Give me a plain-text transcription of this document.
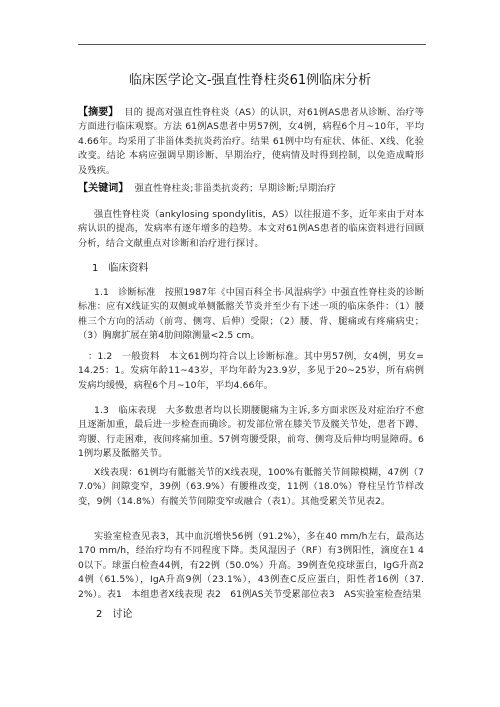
临床医学论文-强直性脊柱炎61例临床分析

【摘要】 目的 提高对强直性脊柱炎（AS）的认识，对61例AS患者从诊断、治疗等方面进行临床观察。方法 61例AS患者中男57例，女4例，病程6个月~10年，平均4.66年。均采用了非甾体类抗炎药治疗。结果 61例中均有症状、体征、X线、化验改变。结论 本病应强调早期诊断、早期治疗，使病情及时得到控制，以免造成畸形及残疾。

【关键词】 强直性脊柱炎;非甾类抗炎药；早期诊断;早期治疗

强直性脊柱炎（ankylosing spondylitis，AS）以往报道不多，近年来由于对本病认识的提高，发病率有逐年增多的趋势。本文对61例AS患者的临床资料进行回顾分析，结合文献重点对诊断和治疗进行探讨。

1　临床资料

1.1　诊断标准　按照1987年《中国百科全书·风湿病学》中强直性脊柱炎的诊断标准：应有X线证实的双侧或单侧骶髂关节炎并至少有下述一项的临床条件：（1）腰椎三个方向的活动（前弯、侧弯、后伸）受限；（2）腰、背、腿痛或有疼痛病史；（3）胸廓扩展在第4肋间隙测量<2.5 cm。

：1.2　一般资料　本文61例均符合以上诊断标准。其中男57例，女4例，男女=14.25：1。发病年龄11~43岁，平均年龄为23.9岁，多见于20~25岁，所有病例发病均缓慢，病程6个月~10年，平均4.66年。

1.3　临床表现　大多数患者均以长期腰腿痛为主诉,多方面求医及对症治疗不愈且逐渐加重，最后进一步检查而确诊。初发部位常在膝关节及髋关节处，患者下蹲、弯腰、行走困难，夜间疼痛加重。57例弯腰受限，前弯、侧弯及后伸均明显障碍。61例均累及骶髂关节。

X线表现：61例均有骶髂关节的X线表现，100%有骶髂关节间隙模糊，47例（77.0%）间隙变窄，39例（63.9%）有腰椎改变，11例（18.0%）脊柱呈竹节样改变，9例（14.8%）有髋关节间隙变窄或融合（表1）。其他受累关节见表2。

实验室检查见表3，其中血沉增快56例（91.2%），多在40 mm/h左右，最高达170 mm/h，经治疗均有不同程度下降。类风湿因子（RF）有3例阳性，滴度在1 40以下。球蛋白检查44例，有22例（50.0%）升高。39例查免疫球蛋白，IgG升高24例（61.5%），IgA升高9例（23.1%），43例查C反应蛋白，阳性者16例（37.2%）。表1　本组患者X线表现 表2　61例AS关节受累部位表3　AS实验室检查结果

2　讨论
